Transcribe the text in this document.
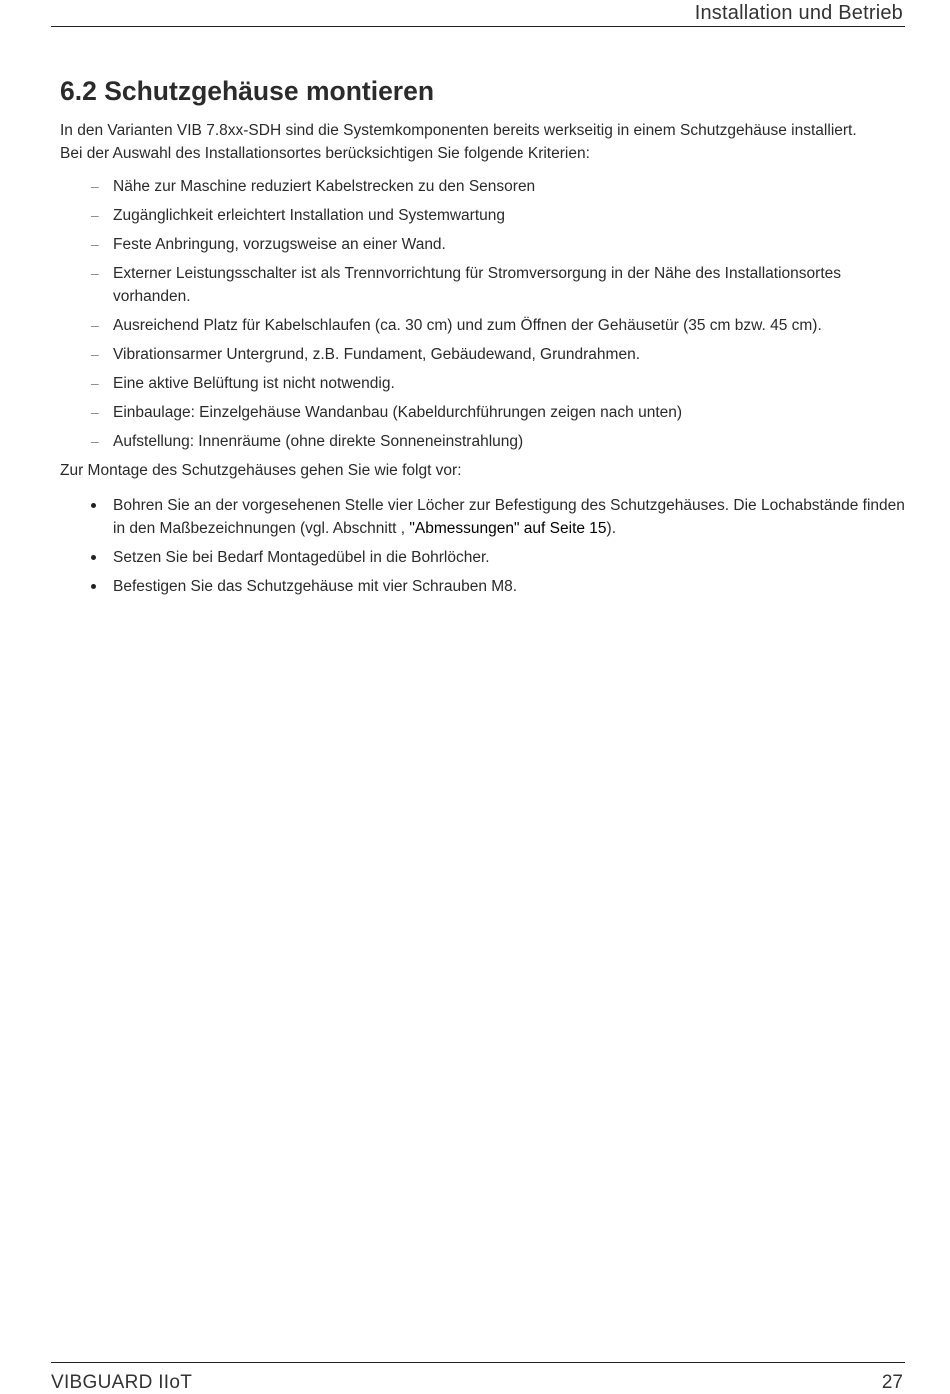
Installation und Betrieb
6.2 Schutzgehäuse montieren

In den Varianten VIB 7.8xx-SDH sind die Systemkomponenten bereits werkseitig in einem Schutzgehäuse installiert.
Bei der Auswahl des Installationsortes berücksichtigen Sie folgende Kriterien:

– Nähe zur Maschine reduziert Kabelstrecken zu den Sensoren
– Zugänglichkeit erleichtert Installation und Systemwartung
– Feste Anbringung, vorzugsweise an einer Wand.
– Externer Leistungsschalter ist als Trennvorrichtung für Stromversorgung in der Nähe des Installationsortes vorhanden.
– Ausreichend Platz für Kabelschlaufen (ca. 30 cm) und zum Öffnen der Gehäusetür (35 cm bzw. 45 cm).
– Vibrationsarmer Untergrund, z.B. Fundament, Gebäudewand, Grundrahmen.
– Eine aktive Belüftung ist nicht notwendig.
– Einbaulage: Einzelgehäuse Wandanbau (Kabeldurchführungen zeigen nach unten)
– Aufstellung: Innenräume (ohne direkte Sonneneinstrahlung)

Zur Montage des Schutzgehäuses gehen Sie wie folgt vor:

Bohren Sie an der vorgesehenen Stelle vier Löcher zur Befestigung des Schutzgehäuses. Die Lochabstände finden in den Maßbezeichnungen (vgl. Abschnitt , "Abmessungen" auf Seite 15).
Setzen Sie bei Bedarf Montagedübel in die Bohrlöcher.
Befestigen Sie das Schutzgehäuse mit vier Schrauben M8.
VIBGUARD IIoT	27
